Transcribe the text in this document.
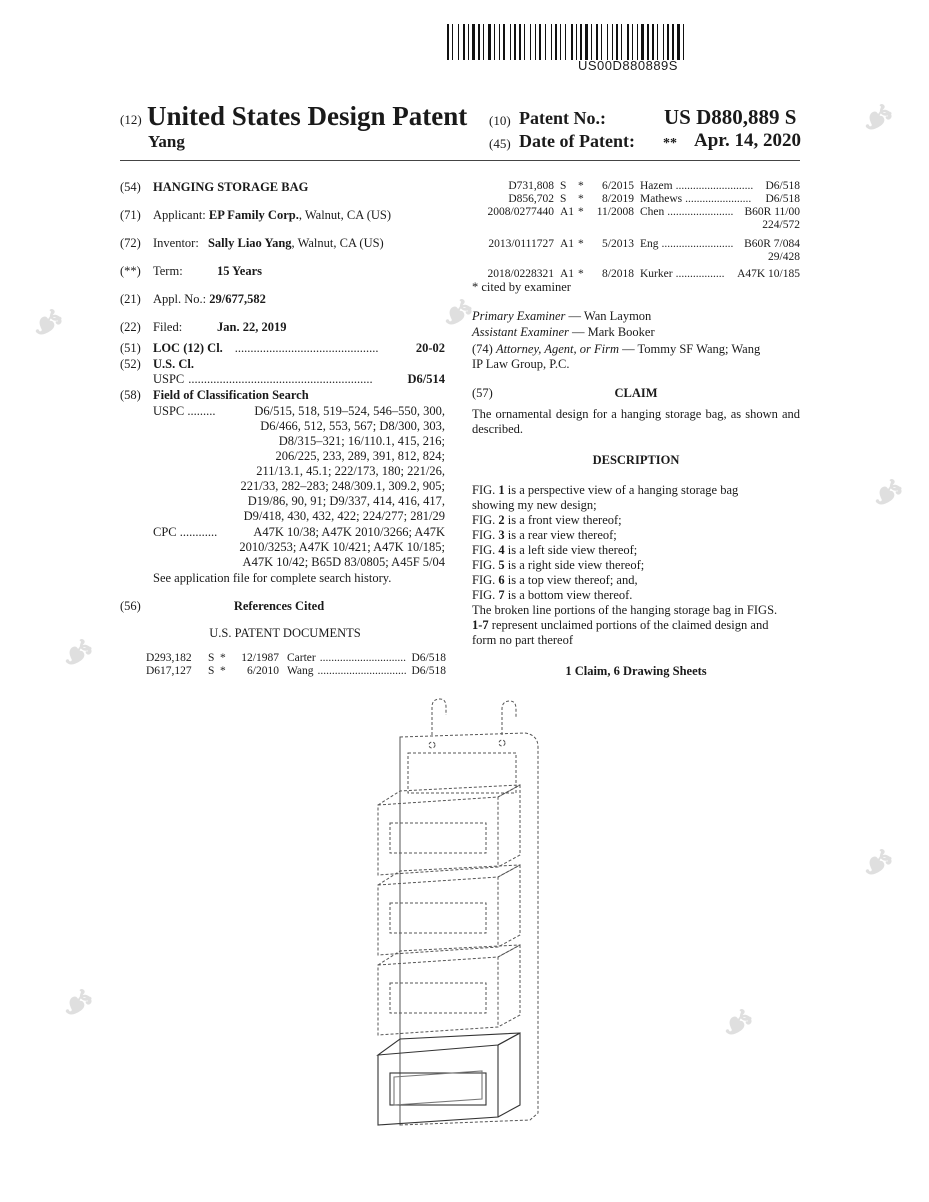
US00D880889S
(12) United States Design Patent
Yang
(10) Patent No.:	US D880,889 S
(45) Date of Patent: ** Apr. 14, 2020
(54) HANGING STORAGE BAG
(71) Applicant: EP Family Corp., Walnut, CA (US)
(72) Inventor: Sally Liao Yang, Walnut, CA (US)
(**) Term:	15 Years
(21) Appl. No.: 29/677,582
(22) Filed:	Jan. 22, 2019
(51) LOC (12) Cl. ..............................................	20-02
(52) U.S. Cl.
USPC ...........................................................	D6/514
(58) Field of Classification Search
USPC .........	D6/515, 518, 519–524, 546–550, 300,
D6/466, 512, 553, 567; D8/300, 303,
D8/315–321; 16/110.1, 415, 216;
206/225, 233, 289, 391, 812, 824;
211/13.1, 45.1; 222/173, 180; 221/26,
221/33, 282–283; 248/309.1, 309.2, 905;
D19/86, 90, 91; D9/337, 414, 416, 417,
D9/418, 430, 432, 422; 224/277; 281/29
CPC ............	A47K 10/38; A47K 2010/3266; A47K
2010/3253; A47K 10/421; A47K 10/185;
A47K 10/42; B65D 83/0805; A45F 5/04
See application file for complete search history.
(56)	References Cited
U.S. PATENT DOCUMENTS
D293,182	S *	12/1987 Carter .............................. D6/518
D617,127	S *	6/2010 Wang ............................... D6/518
D731,808 S	*	6/2015 Hazem ...........................	D6/518
D856,702 S	*	8/2019 Mathews .......................	D6/518
2008/0277440 A1 *	11/2008 Chen ....................... B60R 11/00
224/572
2013/0111727 A1 *	5/2013 Eng ......................... B60R 7/084
29/428
2018/0228321 A1 *	8/2018 Kurker .................	A47K 10/185
* cited by examiner
Primary Examiner — Wan Laymon
Assistant Examiner — Mark Booker
(74) Attorney, Agent, or Firm — Tommy SF Wang; Wang
IP Law Group, P.C.
(57)	CLAIM
The ornamental design for a hanging storage bag, as shown and described.
DESCRIPTION
FIG. 1 is a perspective view of a hanging storage bag
showing my new design;
FIG. 2 is a front view thereof;
FIG. 3 is a rear view thereof;
FIG. 4 is a left side view thereof;
FIG. 5 is a right side view thereof;
FIG. 6 is a top view thereof; and,
FIG. 7 is a bottom view thereof.
The broken line portions of the hanging storage bag in FIGS.
1-7 represent unclaimed portions of the claimed design and
form no part thereof
1 Claim, 6 Drawing Sheets
☙
☙	☙
☙
☙
☙
☙	☙
